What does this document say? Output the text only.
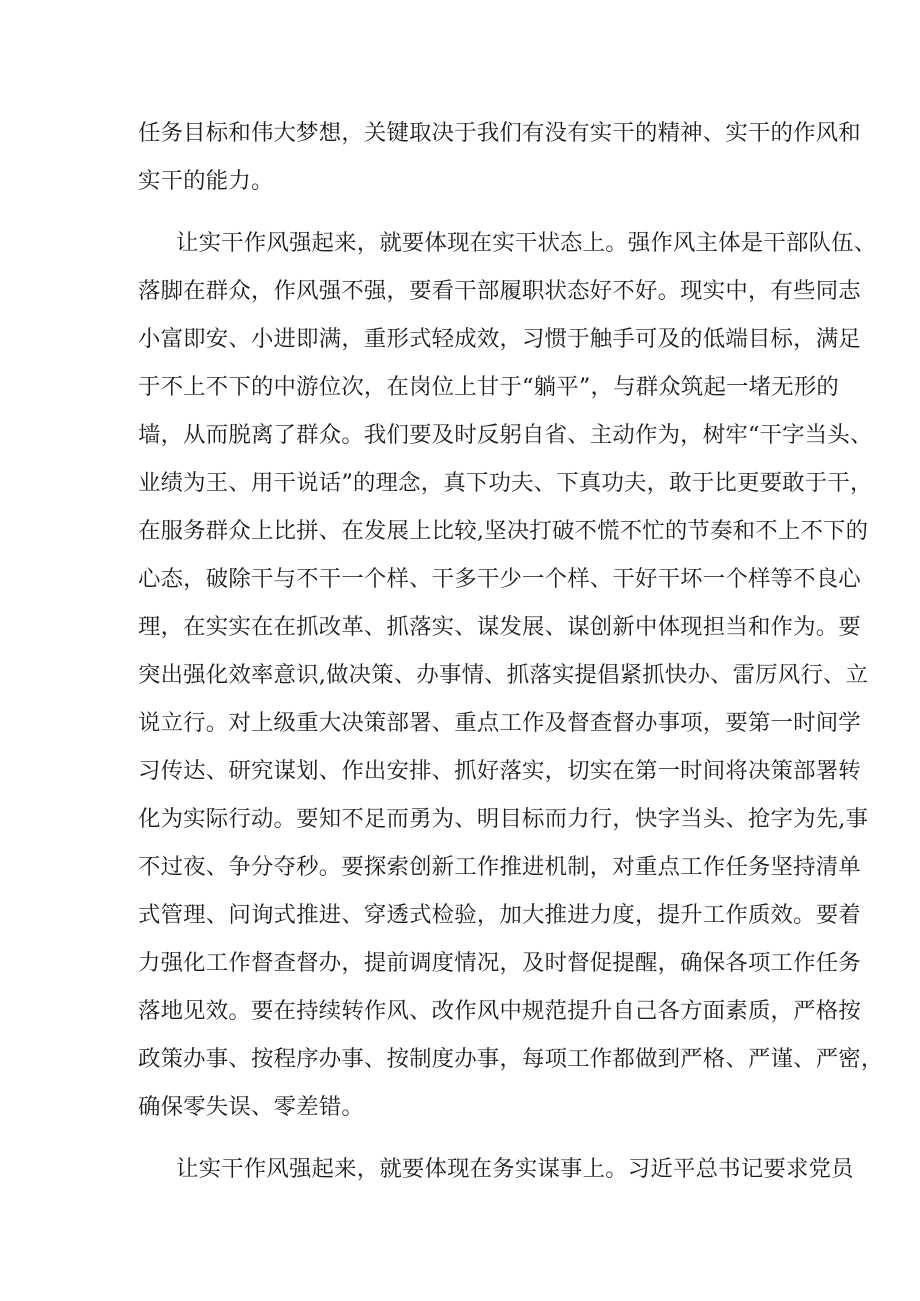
任务目标和伟大梦想，关键取决于我们有没有实干的精神、实干的作风和
实干的能力。
让实干作风强起来，就要体现在实干状态上。强作风主体是干部队伍、
落脚在群众，作风强不强，要看干部履职状态好不好。现实中，有些同志
小富即安、小进即满，重形式轻成效，习惯于触手可及的低端目标，满足
于不上不下的中游位次，在岗位上甘于“躺平”，与群众筑起一堵无形的
墙，从而脱离了群众。我们要及时反躬自省、主动作为，树牢“干字当头、
业绩为王、用干说话”的理念，真下功夫、下真功夫，敢于比更要敢于干，
在服务群众上比拼、在发展上比较,坚决打破不慌不忙的节奏和不上不下的
心态，破除干与不干一个样、干多干少一个样、干好干坏一个样等不良心
理，在实实在在抓改革、抓落实、谋发展、谋创新中体现担当和作为。要
突出强化效率意识,做决策、办事情、抓落实提倡紧抓快办、雷厉风行、立
说立行。对上级重大决策部署、重点工作及督查督办事项，要第一时间学
习传达、研究谋划、作出安排、抓好落实，切实在第一时间将决策部署转
化为实际行动。要知不足而勇为、明目标而力行，快字当头、抢字为先,事
不过夜、争分夺秒。要探索创新工作推进机制，对重点工作任务坚持清单
式管理、问询式推进、穿透式检验，加大推进力度，提升工作质效。要着
力强化工作督查督办，提前调度情况，及时督促提醒，确保各项工作任务
落地见效。要在持续转作风、改作风中规范提升自己各方面素质，严格按
政策办事、按程序办事、按制度办事，每项工作都做到严格、严谨、严密，
确保零失误、零差错。
让实干作风强起来，就要体现在务实谋事上。习近平总书记要求党员
